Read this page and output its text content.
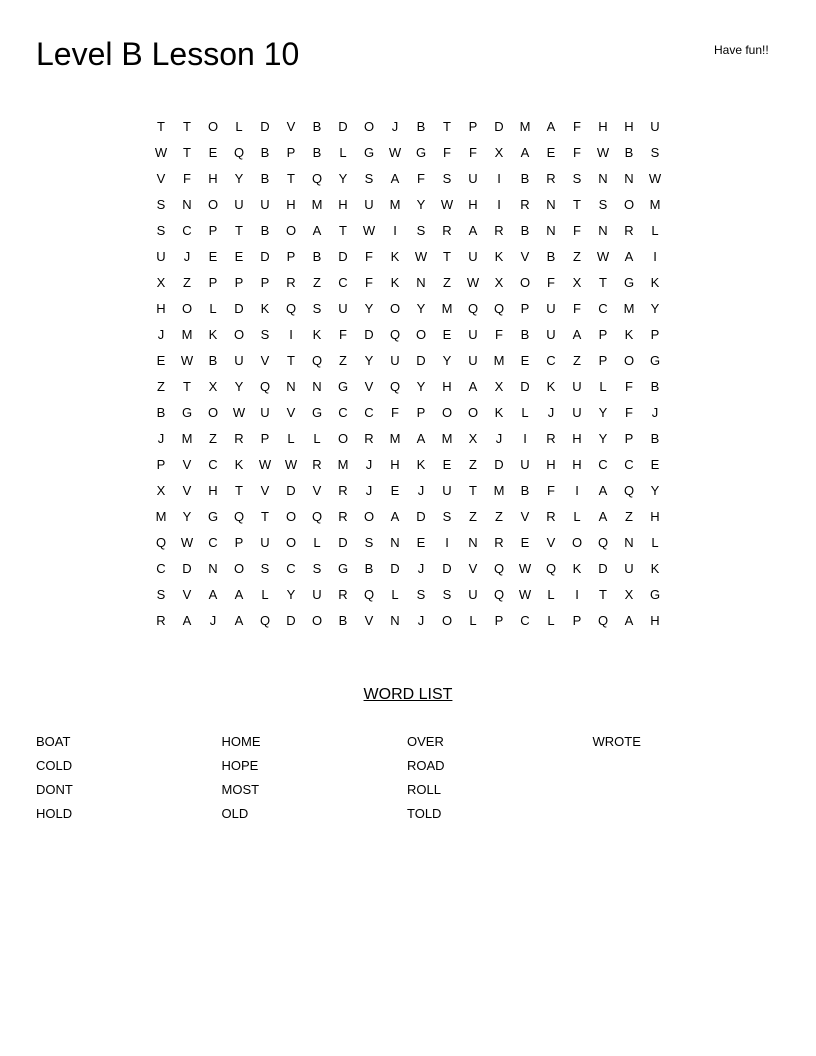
Level B Lesson 10	Have fun!!
T	T	O	L	D	V	B	D	O	J	B	T	P	D	M	A	F	H	H	U
W	T	E	Q	B	P	B	L	G	W	G	F	F	X	A	E	F	W	B	S
V	F	H	Y	B	T	Q	Y	S	A	F	S	U	I	B	R	S	N	N	W
S	N	O	U	U	H	M	H	U	M	Y	W	H	I	R	N	T	S	O	M
S	C	P	T	B	O	A	T	W	I	S	R	A	R	B	N	F	N	R	L
U	J	E	E	D	P	B	D	F	K	W	T	U	K	V	B	Z	W	A	I
X	Z	P	P	P	R	Z	C	F	K	N	Z	W	X	O	F	X	T	G	K
H	O	L	D	K	Q	S	U	Y	O	Y	M	Q	Q	P	U	F	C	M	Y
J	M	K	O	S	I	K	F	D	Q	O	E	U	F	B	U	A	P	K	P
E	W	B	U	V	T	Q	Z	Y	U	D	Y	U	M	E	C	Z	P	O	G
Z	T	X	Y	Q	N	N	G	V	Q	Y	H	A	X	D	K	U	L	F	B
B	G	O	W	U	V	G	C	C	F	P	O	O	K	L	J	U	Y	F	J
J	M	Z	R	P	L	L	O	R	M	A	M	X	J	I	R	H	Y	P	B
P	V	C	K	W	W	R	M	J	H	K	E	Z	D	U	H	H	C	C	E
X	V	H	T	V	D	V	R	J	E	J	U	T	M	B	F	I	A	Q	Y
M	Y	G	Q	T	O	Q	R	O	A	D	S	Z	Z	V	R	L	A	Z	H
Q	W	C	P	U	O	L	D	S	N	E	I	N	R	E	V	O	Q	N	L
C	D	N	O	S	C	S	G	B	D	J	D	V	Q	W	Q	K	D	U	K
S	V	A	A	L	Y	U	R	Q	L	S	S	U	Q	W	L	I	T	X	G
R	A	J	A	Q	D	O	B	V	N	J	O	L	P	C	L	P	Q	A	H
WORD LIST
BOAT
COLD
DONT
HOLD
HOME
HOPE
MOST
OLD
OVER
ROAD
ROLL
TOLD
WROTE
